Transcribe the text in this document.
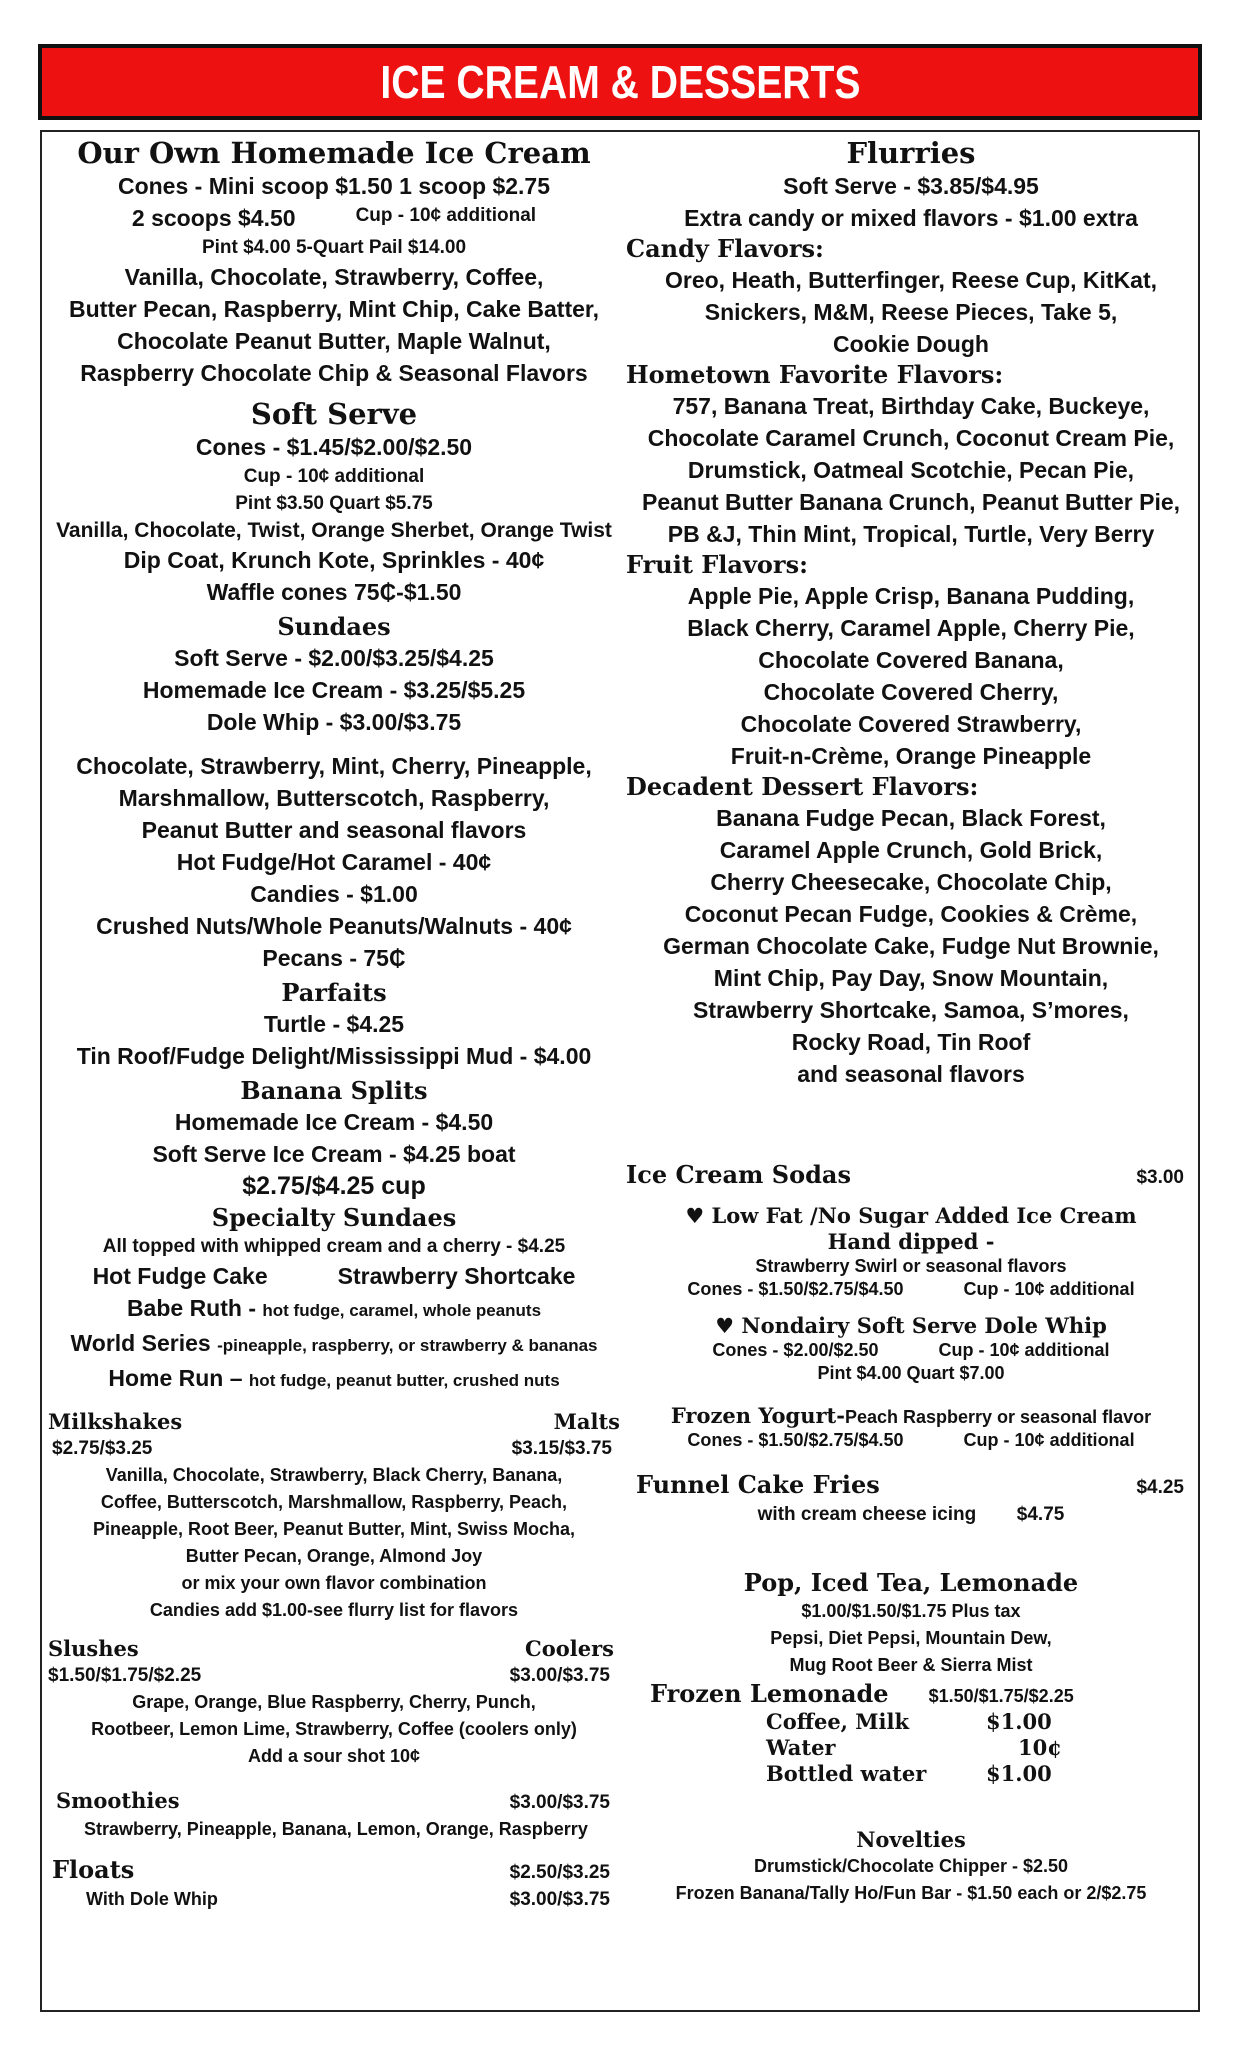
ICE CREAM & DESSERTS
Our Own Homemade Ice Cream
Cones - Mini scoop $1.50 1 scoop $2.75
2 scoops $4.50	Cup - 10¢ additional
Pint $4.00 5-Quart Pail $14.00
Vanilla, Chocolate, Strawberry, Coffee,
Butter Pecan, Raspberry, Mint Chip, Cake Batter,
Chocolate Peanut Butter, Maple Walnut,
Raspberry Chocolate Chip & Seasonal Flavors
Soft Serve
Cones - $1.45/$2.00/$2.50
Cup - 10¢ additional
Pint $3.50 Quart $5.75
Vanilla, Chocolate, Twist, Orange Sherbet, Orange Twist
Dip Coat, Krunch Kote, Sprinkles - 40¢
Waffle cones 75₵-$1.50
Sundaes
Soft Serve - $2.00/$3.25/$4.25
Homemade Ice Cream - $3.25/$5.25
Dole Whip - $3.00/$3.75
Chocolate, Strawberry, Mint, Cherry, Pineapple,
Marshmallow, Butterscotch, Raspberry,
Peanut Butter and seasonal flavors
Hot Fudge/Hot Caramel - 40¢
Candies - $1.00
Crushed Nuts/Whole Peanuts/Walnuts - 40¢
Pecans - 75₵
Parfaits
Turtle - $4.25
Tin Roof/Fudge Delight/Mississippi Mud - $4.00
Banana Splits
Homemade Ice Cream - $4.50
Soft Serve Ice Cream - $4.25 boat
$2.75/$4.25 cup
Specialty Sundaes
All topped with whipped cream and a cherry - $4.25
Hot Fudge Cake	Strawberry Shortcake
Babe Ruth - hot fudge, caramel, whole peanuts
World Series -pineapple, raspberry, or strawberry & bananas
Home Run – hot fudge, peanut butter, crushed nuts
Milkshakes	Malts
$2.75/$3.25	$3.15/$3.75
Vanilla, Chocolate, Strawberry, Black Cherry, Banana,
Coffee, Butterscotch, Marshmallow, Raspberry, Peach,
Pineapple, Root Beer, Peanut Butter, Mint, Swiss Mocha,
Butter Pecan, Orange, Almond Joy
or mix your own flavor combination
Candies add $1.00-see flurry list for flavors
Slushes	Coolers
$1.50/$1.75/$2.25	$3.00/$3.75
Grape, Orange, Blue Raspberry, Cherry, Punch,
Rootbeer, Lemon Lime, Strawberry, Coffee (coolers only)
Add a sour shot 10¢
Smoothies	$3.00/$3.75
Strawberry, Pineapple, Banana, Lemon, Orange, Raspberry
Floats	$2.50/$3.25
With Dole Whip	$3.00/$3.75
Flurries
Soft Serve - $3.85/$4.95
Extra candy or mixed flavors - $1.00 extra
Candy Flavors:
Oreo, Heath, Butterfinger, Reese Cup, KitKat,
Snickers, M&M, Reese Pieces, Take 5,
Cookie Dough
Hometown Favorite Flavors:
757, Banana Treat, Birthday Cake, Buckeye,
Chocolate Caramel Crunch, Coconut Cream Pie,
Drumstick, Oatmeal Scotchie, Pecan Pie,
Peanut Butter Banana Crunch, Peanut Butter Pie,
PB &J, Thin Mint, Tropical, Turtle, Very Berry
Fruit Flavors:
Apple Pie, Apple Crisp, Banana Pudding,
Black Cherry, Caramel Apple, Cherry Pie,
Chocolate Covered Banana,
Chocolate Covered Cherry,
Chocolate Covered Strawberry,
Fruit-n-Crème, Orange Pineapple
Decadent Dessert Flavors:
Banana Fudge Pecan, Black Forest,
Caramel Apple Crunch, Gold Brick,
Cherry Cheesecake, Chocolate Chip,
Coconut Pecan Fudge, Cookies & Crème,
German Chocolate Cake, Fudge Nut Brownie,
Mint Chip, Pay Day, Snow Mountain,
Strawberry Shortcake, Samoa, S’mores,
Rocky Road, Tin Roof
and seasonal flavors
Ice Cream Sodas	$3.00
♥ Low Fat /No Sugar Added Ice Cream
Hand dipped -
Strawberry Swirl or seasonal flavors
Cones - $1.50/$2.75/$4.50	Cup - 10¢ additional
♥ Nondairy Soft Serve Dole Whip
Cones - $2.00/$2.50	Cup - 10¢ additional
Pint $4.00 Quart $7.00
Frozen Yogurt-Peach Raspberry or seasonal flavor
Cones - $1.50/$2.75/$4.50	Cup - 10¢ additional
Funnel Cake Fries	$4.25
with cream cheese icing $4.75
Pop, Iced Tea, Lemonade
$1.00/$1.50/$1.75 Plus tax
Pepsi, Diet Pepsi, Mountain Dew,
Mug Root Beer & Sierra Mist
Frozen Lemonade $1.50/$1.75/$2.25
Coffee, Milk	$1.00
Water	10¢
Bottled water	$1.00
Novelties
Drumstick/Chocolate Chipper - $2.50
Frozen Banana/Tally Ho/Fun Bar - $1.50 each or 2/$2.75
